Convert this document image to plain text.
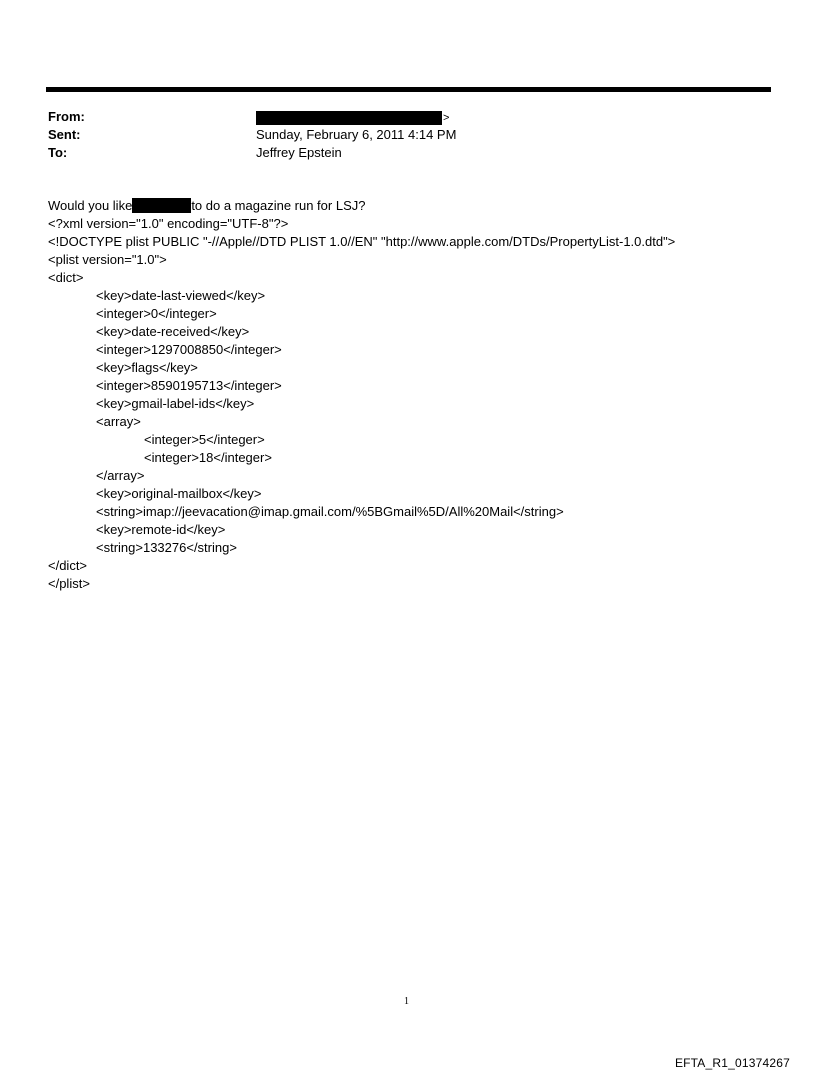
From:	>
Sent:	Sunday, February 6, 2011 4:14 PM
To:	Jeffrey Epstein
Would you like	to do a magazine run for LSJ?
<?xml version="1.0" encoding="UTF-8"?>
<!DOCTYPE plist PUBLIC "-//Apple//DTD PLIST 1.0//EN" "http://www.apple.com/DTDs/PropertyList-1.0.dtd">
<plist version="1.0">
<dict>
<key>date-last-viewed</key>
<integer>0</integer>
<key>date-received</key>
<integer>1297008850</integer>
<key>flags</key>
<integer>8590195713</integer>
<key>gmail-label-ids</key>
<array>
<integer>5</integer>
<integer>18</integer>
</array>
<key>original-mailbox</key>
<string>imap://jeevacation@imap.gmail.com/%5BGmail%5D/All%20Mail</string>
<key>remote-id</key>
<string>133276</string>
</dict>
</plist>
1
EFTA_R1_01374267
